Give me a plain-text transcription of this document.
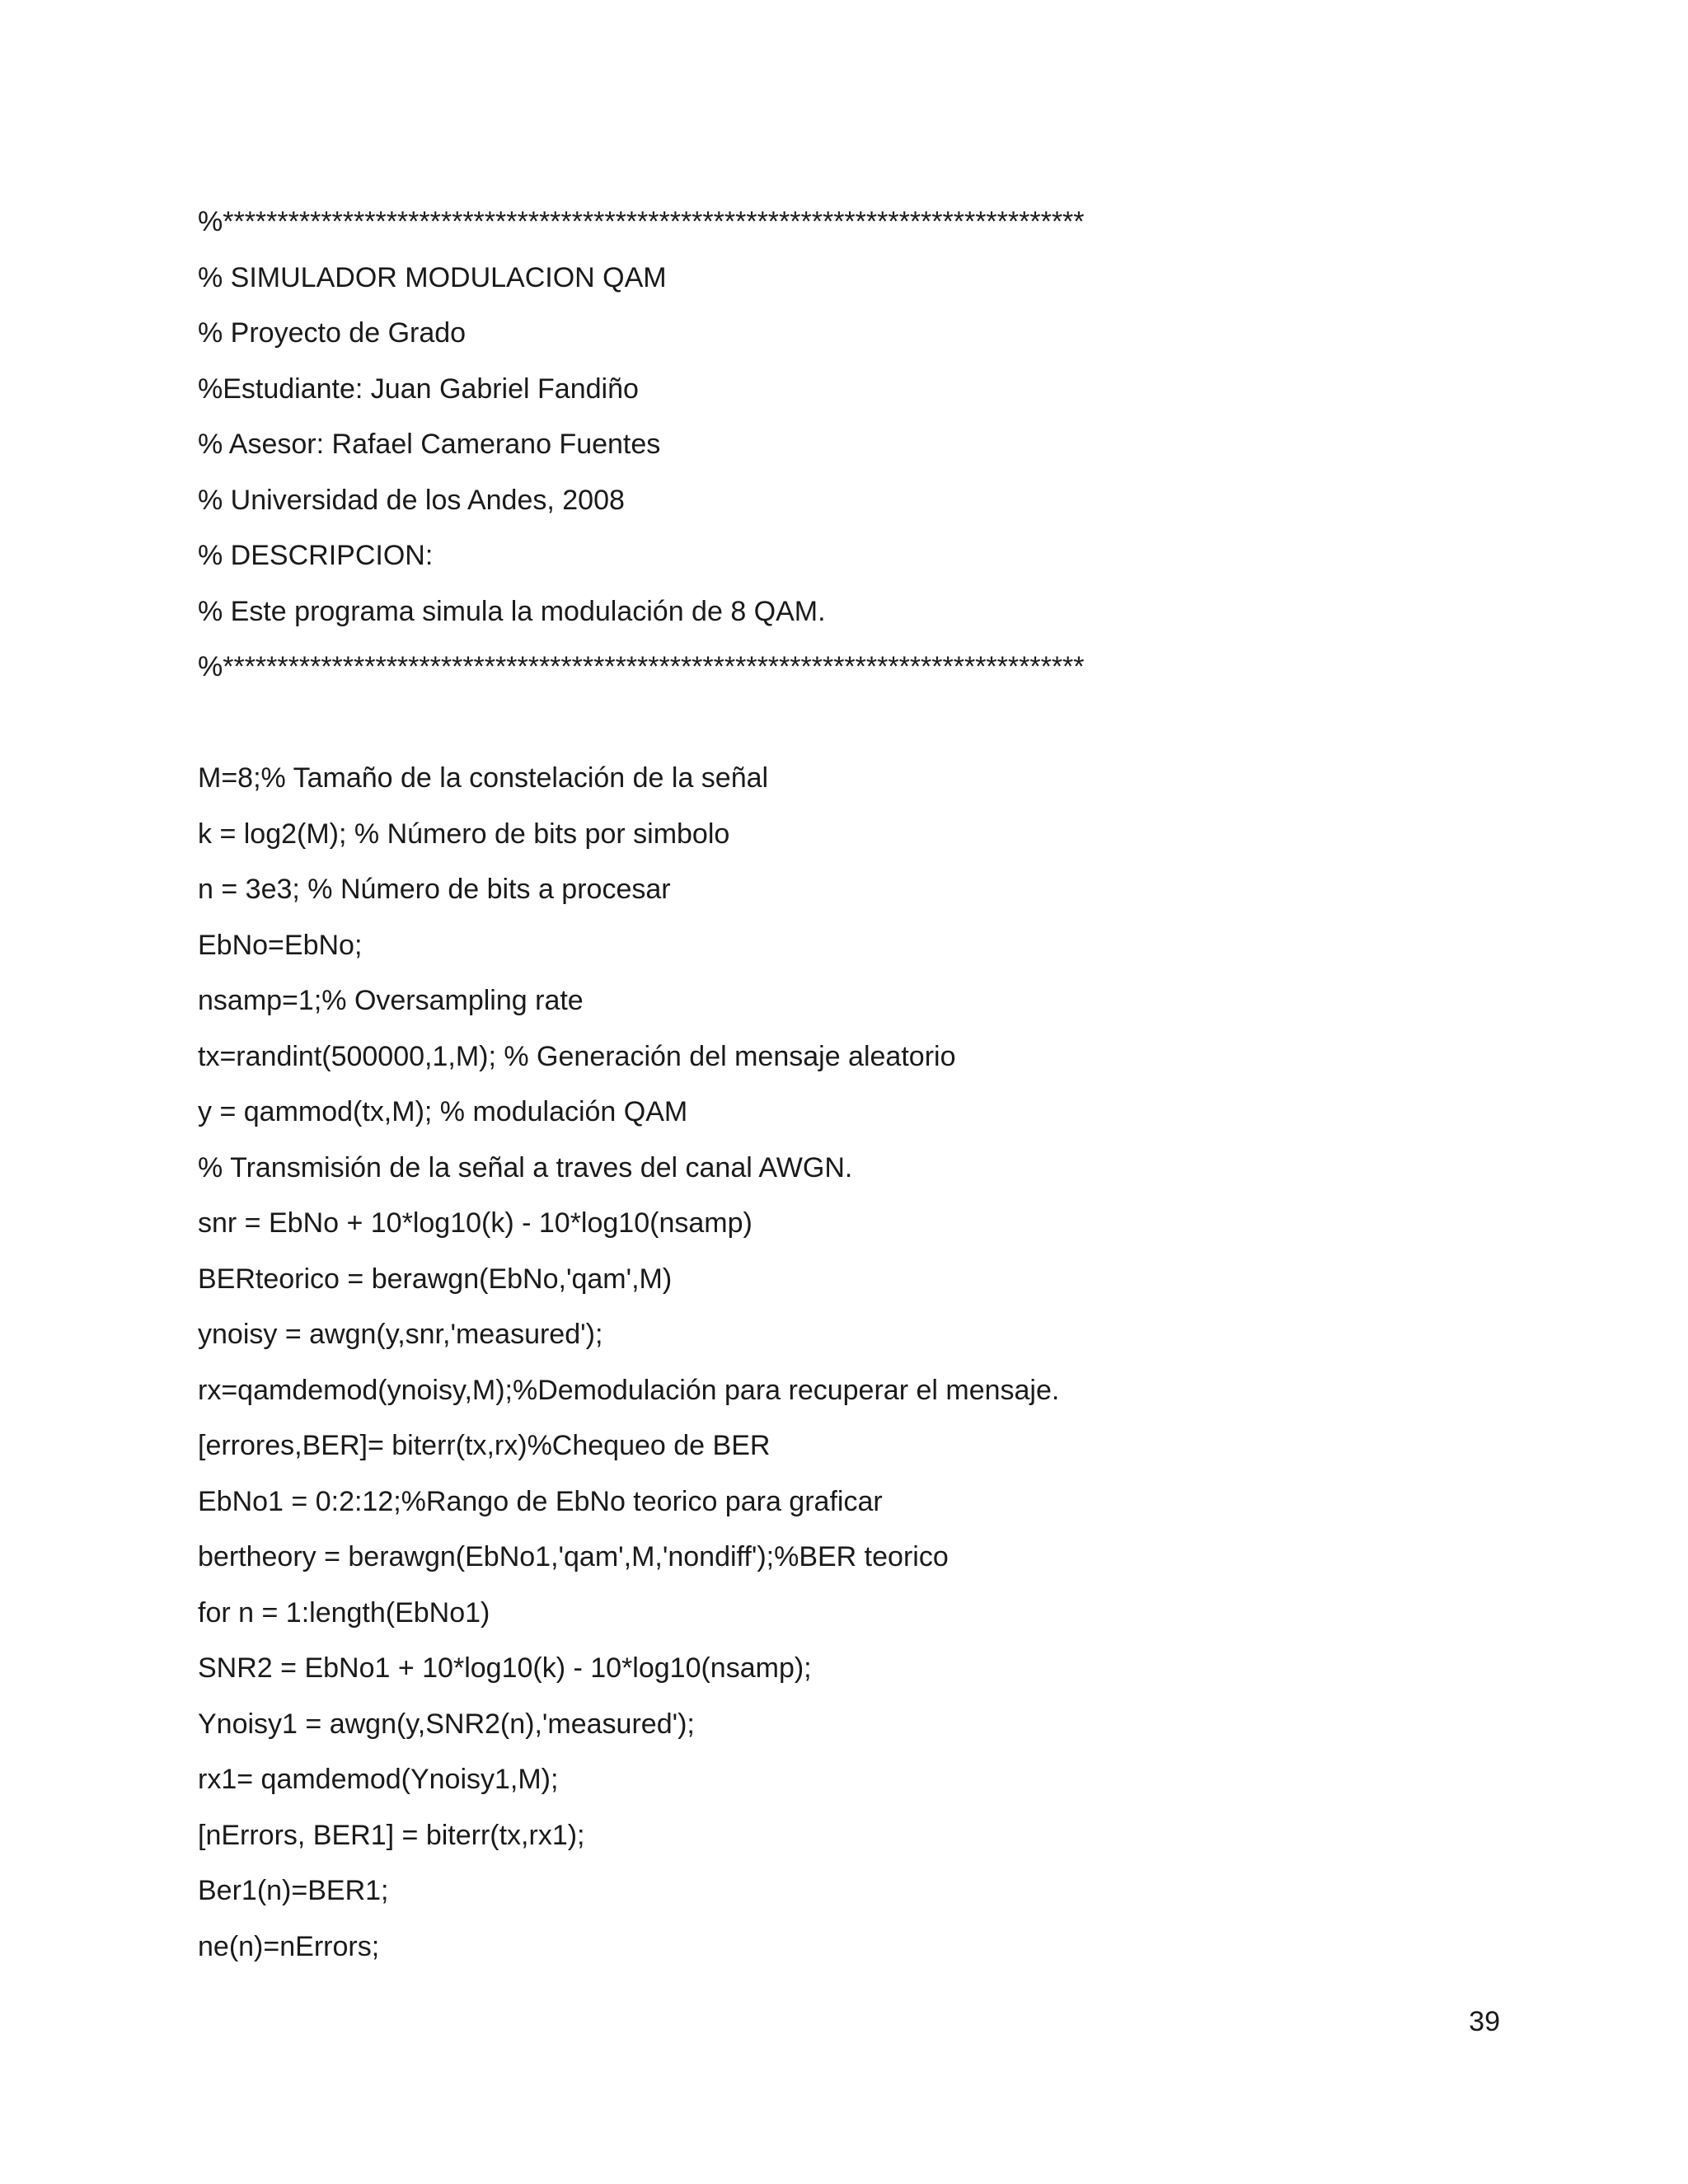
%*******************************************************************************
% SIMULADOR MODULACION QAM
% Proyecto de Grado
%Estudiante: Juan Gabriel Fandiño
% Asesor: Rafael Camerano Fuentes
% Universidad de los Andes, 2008
% DESCRIPCION:
% Este programa simula la modulación de 8 QAM.
%*******************************************************************************
M=8;% Tamaño de la constelación de la señal
k = log2(M); % Número de bits por simbolo
n = 3e3; % Número de bits a procesar
EbNo=EbNo;
nsamp=1;% Oversampling rate
tx=randint(500000,1,M); % Generación del mensaje aleatorio
y = qammod(tx,M); % modulación QAM
% Transmisión de la señal a traves del canal AWGN.
snr = EbNo + 10*log10(k) - 10*log10(nsamp)
BERteorico = berawgn(EbNo,'qam',M)
ynoisy = awgn(y,snr,'measured');
rx=qamdemod(ynoisy,M);%Demodulación para recuperar el mensaje.
[errores,BER]= biterr(tx,rx)%Chequeo de BER
EbNo1 = 0:2:12;%Rango de EbNo teorico para graficar
bertheory = berawgn(EbNo1,'qam',M,'nondiff');%BER teorico
for n = 1:length(EbNo1)
SNR2 = EbNo1 + 10*log10(k) - 10*log10(nsamp);
Ynoisy1 = awgn(y,SNR2(n),'measured');
rx1= qamdemod(Ynoisy1,M);
[nErrors, BER1] = biterr(tx,rx1);
Ber1(n)=BER1;
ne(n)=nErrors;
39
